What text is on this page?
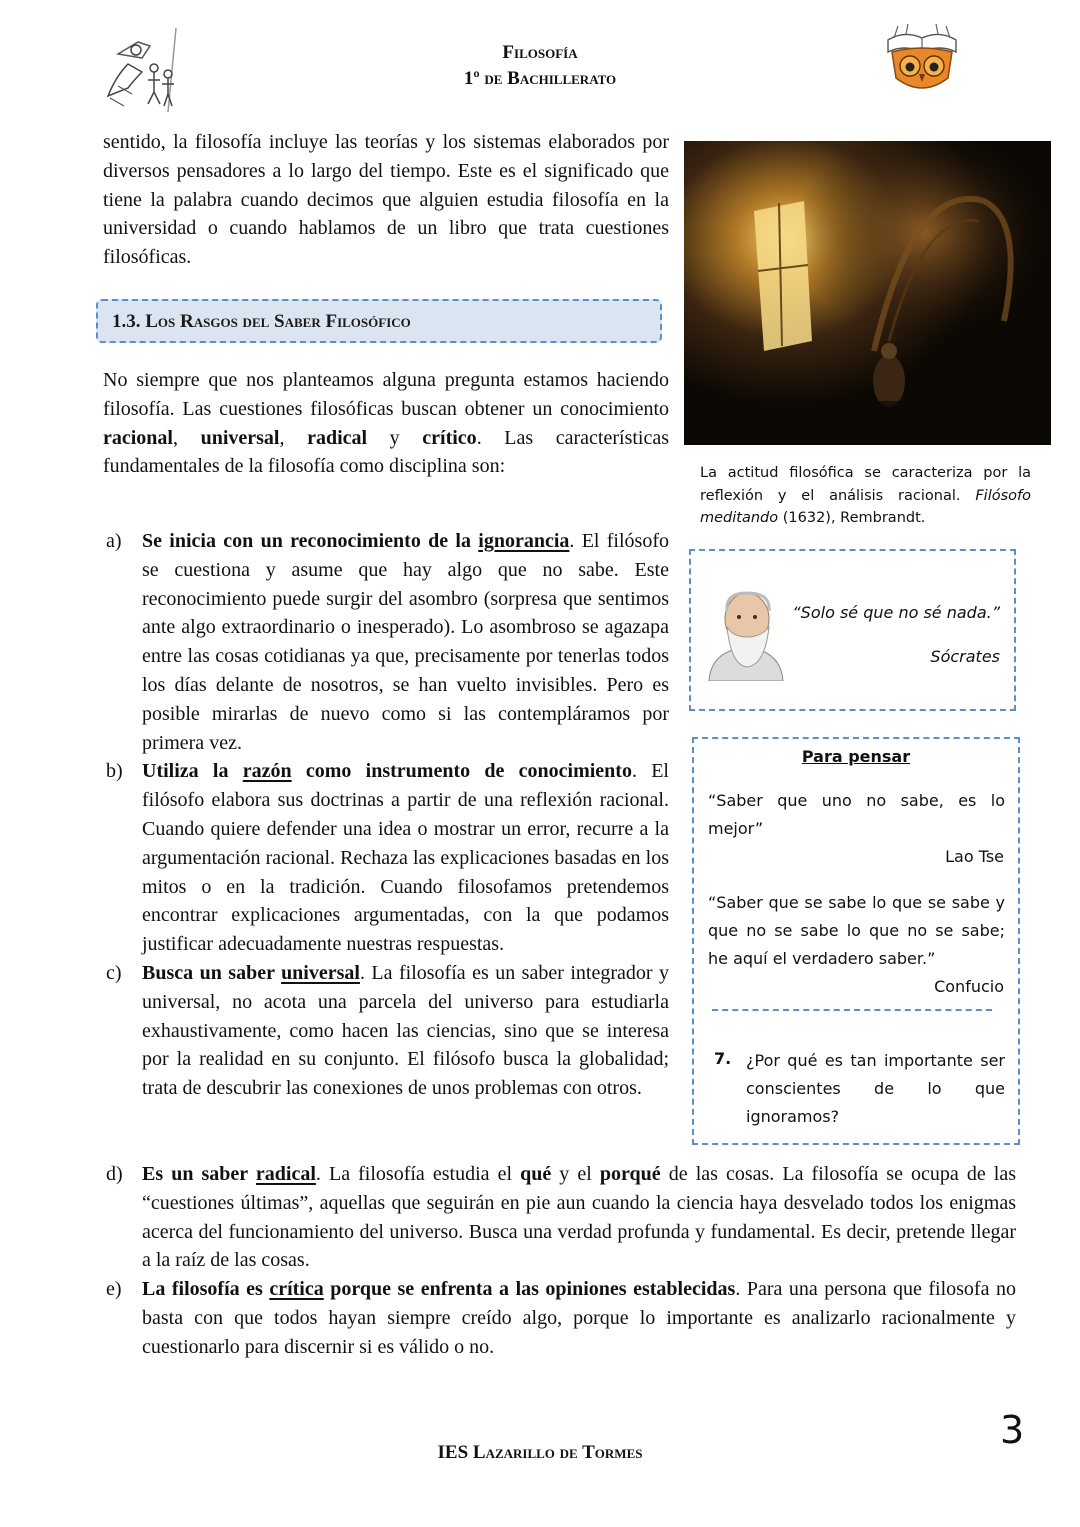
Filosofía
1º de Bachillerato
sentido, la filosofía incluye las teorías y los sistemas elaborados por diversos pensadores a lo largo del tiempo. Este es el significado que tiene la palabra cuando decimos que alguien estudia filosofía en la universidad o cuando hablamos de un libro que trata cuestiones filosóficas.
1.3. Los Rasgos del Saber Filosófico
No siempre que nos planteamos alguna pregunta estamos haciendo filosofía. Las cuestiones filosóficas buscan obtener un conocimiento racional, universal, radical y crítico. Las características fundamentales de la filosofía como disciplina son:
a) Se inicia con un reconocimiento de la ignorancia. El filósofo se cuestiona y asume que hay algo que no sabe. Este reconocimiento puede surgir del asombro (sorpresa que sentimos ante algo extraordinario o inesperado). Lo asombroso se agazapa entre las cosas cotidianas ya que, precisamente por tenerlas todos los días delante de nosotros, se han vuelto invisibles. Pero es posible mirarlas de nuevo como si las contempláramos por primera vez.
b) Utiliza la razón como instrumento de conocimiento. El filósofo elabora sus doctrinas a partir de una reflexión racional. Cuando quiere defender una idea o mostrar un error, recurre a la argumentación racional. Rechaza las explicaciones basadas en los mitos o en la tradición. Cuando filosofamos pretendemos encontrar explicaciones argumentadas, con la que podamos justificar adecuadamente nuestras respuestas.
c) Busca un saber universal. La filosofía es un saber integrador y universal, no acota una parcela del universo para estudiarla exhaustivamente, como hacen las ciencias, sino que se interesa por la realidad en su conjunto. El filósofo busca la globalidad; trata de descubrir las conexiones de unos problemas con otros.
d) Es un saber radical. La filosofía estudia el qué y el porqué de las cosas. La filosofía se ocupa de las “cuestiones últimas”, aquellas que seguirán en pie aun cuando la ciencia haya desvelado todos los enigmas acerca del funcionamiento del universo. Busca una verdad profunda y fundamental. Es decir, pretende llegar a la raíz de las cosas.
e) La filosofía es crítica porque se enfrenta a las opiniones establecidas. Para una persona que filosofa no basta con que todos hayan siempre creído algo, porque lo importante es analizarlo racionalmente y cuestionarlo para discernir si es válido o no.
La actitud filosófica se caracteriza por la reflexión y el análisis racional. Filósofo meditando (1632), Rembrandt.
“Solo sé que no sé nada.”
Sócrates
Para pensar
“Saber que uno no sabe, es lo mejor”
Lao Tse
“Saber que se sabe lo que se sabe y que no se sabe lo que no se sabe; he aquí el verdadero saber.”
Confucio
7. ¿Por qué es tan importante ser conscientes de lo que ignoramos?
IES Lazarillo de Tormes
3
